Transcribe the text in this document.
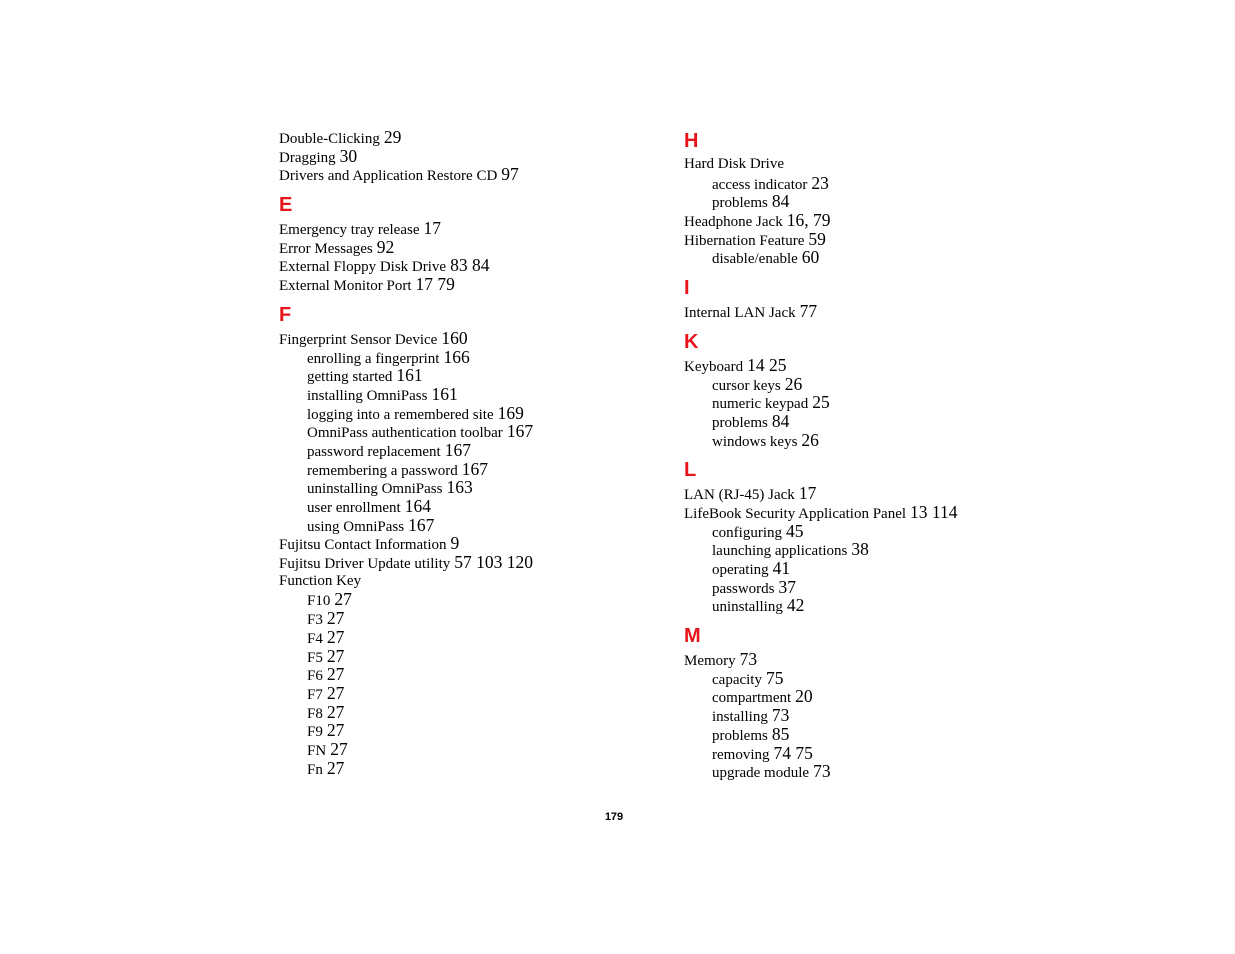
Double-Clicking 29
Dragging 30
Drivers and Application Restore CD 97
E
Emergency tray release 17
Error Messages 92
External Floppy Disk Drive 83 84
External Monitor Port 17 79
F
Fingerprint Sensor Device 160
enrolling a fingerprint 166
getting started 161
installing OmniPass 161
logging into a remembered site 169
OmniPass authentication toolbar 167
password replacement 167
remembering a password 167
uninstalling OmniPass 163
user enrollment 164
using OmniPass 167
Fujitsu Contact Information 9
Fujitsu Driver Update utility 57 103 120
Function Key
F10 27
F3 27
F4 27
F5 27
F6 27
F7 27
F8 27
F9 27
FN 27
Fn 27
H
Hard Disk Drive
access indicator 23
problems 84
Headphone Jack 16, 79
Hibernation Feature 59
disable/enable 60
I
Internal LAN Jack 77
K
Keyboard 14 25
cursor keys 26
numeric keypad 25
problems 84
windows keys 26
L
LAN (RJ-45) Jack 17
LifeBook Security Application Panel 13 114
configuring 45
launching applications 38
operating 41
passwords 37
uninstalling 42
M
Memory 73
capacity 75
compartment 20
installing 73
problems 85
removing 74 75
upgrade module 73
179
